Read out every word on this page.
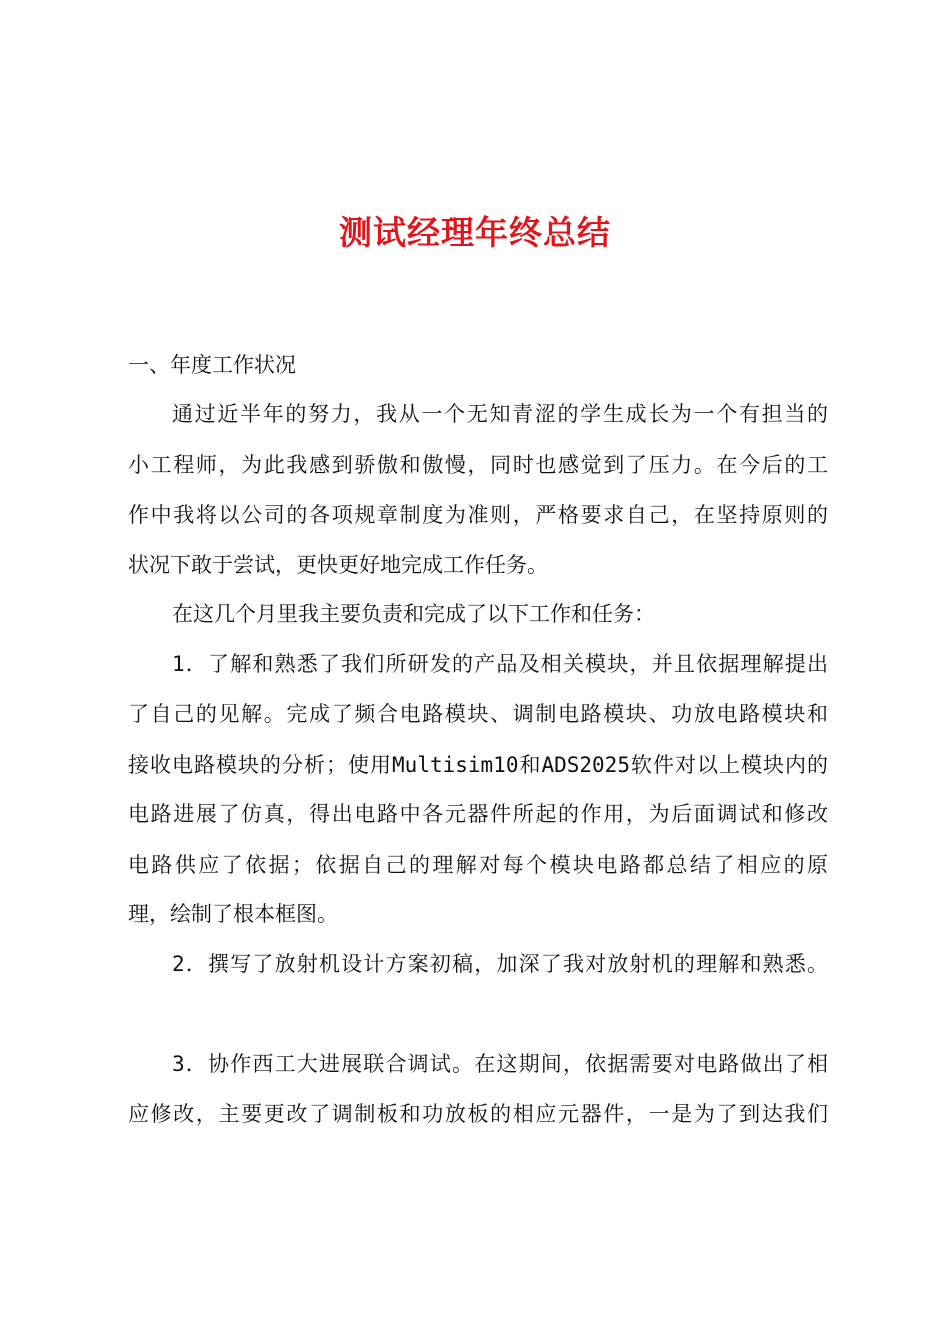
测试经理年终总结
一、年度工作状况
通过近半年的努力，我从一个无知青涩的学生成长为一个有担当的
小工程师，为此我感到骄傲和傲慢，同时也感觉到了压力。在今后的工
作中我将以公司的各项规章制度为准则，严格要求自己，在坚持原则的
状况下敢于尝试，更快更好地完成工作任务。
在这几个月里我主要负责和完成了以下工作和任务：
1．了解和熟悉了我们所研发的产品及相关模块，并且依据理解提出
了自己的见解。完成了频合电路模块、调制电路模块、功放电路模块和
接收电路模块的分析；使用Multisim10和ADS2025软件对以上模块内的
电路进展了仿真，得出电路中各元器件所起的作用，为后面调试和修改
电路供应了依据；依据自己的理解对每个模块电路都总结了相应的原
理，绘制了根本框图。
2．撰写了放射机设计方案初稿，加深了我对放射机的理解和熟悉。
3．协作西工大进展联合调试。在这期间，依据需要对电路做出了相
应修改，主要更改了调制板和功放板的相应元器件，一是为了到达我们
